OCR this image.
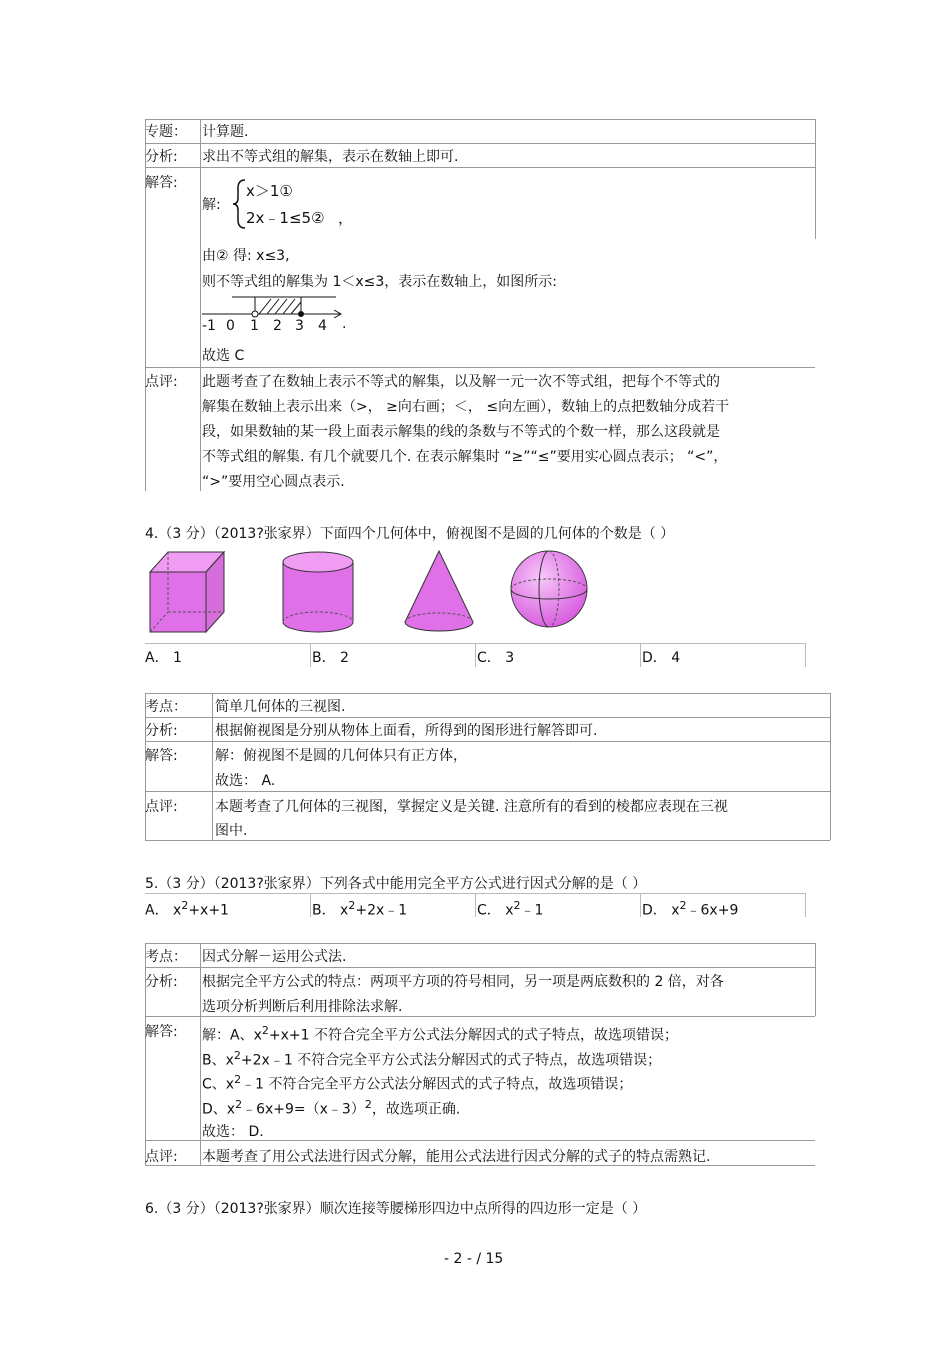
专题： 计算题.
分析: 求出不等式组的解集，表示在数轴上即可.
解答:
解:
x＞1①
2x﹣1≤5② ，
由② 得: x≤3,
则不等式组的解集为 1＜x≤3，表示在数轴上，如图所示:
-1 0 1 2 3 4 .
故选 C
点评: 此题考查了在数轴上表示不等式的解集，以及解一元一次不等式组，把每个不等式的
解集在数轴上表示出来（>， ≥向右画；＜， ≤向左画），数轴上的点把数轴分成若干
段，如果数轴的某一段上面表示解集的线的条数与不等式的个数一样，那么这段就是
不等式组的解集. 有几个就要几个. 在表示解集时 “≥”“≤”要用实心圆点表示； “<”，
“>”要用空心圆点表示.
4.（3 分）（2013?张家界）下面四个几何体中，俯视图不是圆的几何体的个数是（ ）
A． 1	B． 2	C． 3	D． 4
考点： 简单几何体的三视图.
分析:	根据俯视图是分别从物体上面看，所得到的图形进行解答即可.
解答:	解：俯视图不是圆的几何体只有正方体，
故选： A.
点评:	本题考查了几何体的三视图，掌握定义是关键. 注意所有的看到的棱都应表现在三视
图中.
5.（3 分）（2013?张家界）下列各式中能用完全平方公式进行因式分解的是（ ）
A． $x^2+x+1$	B． $x^2+2x﹣1$	C． $x^2﹣1$	D． $x^2﹣6x+9$
考点： 因式分解－运用公式法.
分析: 根据完全平方公式的特点：两项平方项的符号相同，另一项是两底数积的 2 倍，对各
选项分析判断后利用排除法求解.
解答: 解：A、$x^2+x+1$ 不符合完全平方公式法分解因式的式子特点，故选项错误；
B、$x^2+2x﹣1$ 不符合完全平方公式法分解因式的式子特点，故选项错误；
C、$x^2﹣1$ 不符合完全平方公式法分解因式的式子特点，故选项错误；
D、$x^2﹣6x+9=(x﹣3)^2$，故选项正确.
故选： D.
点评: 本题考查了用公式法进行因式分解，能用公式法进行因式分解的式子的特点需熟记.
6.（3 分）（2013?张家界）顺次连接等腰梯形四边中点所得的四边形一定是（ ）
- 2 - / 15
